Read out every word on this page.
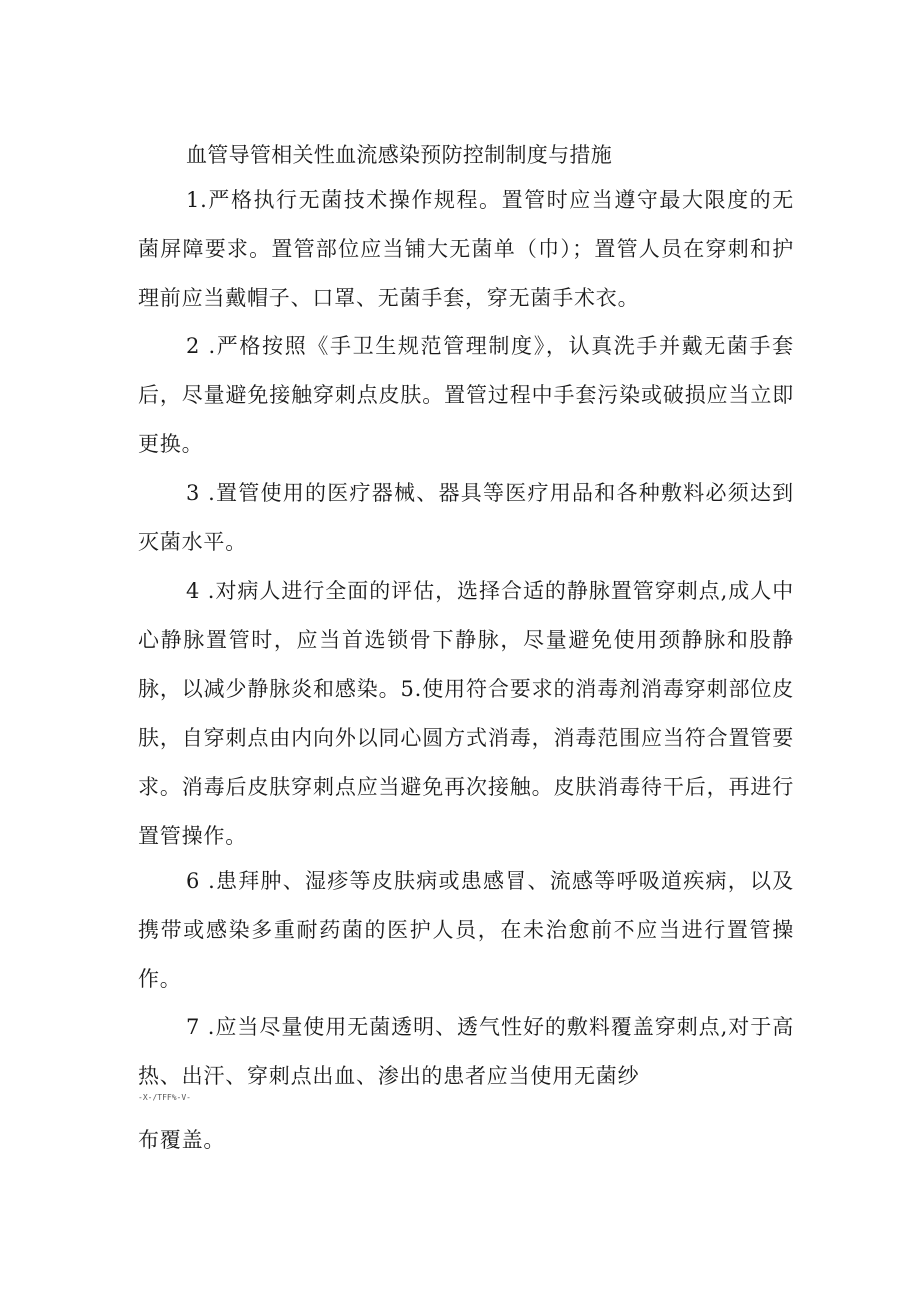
血管导管相关性血流感染预防控制制度与措施
1.严格执行无菌技术操作规程。置管时应当遵守最大限度的无菌屏障要求。置管部位应当铺大无菌单（巾）；置管人员在穿刺和护理前应当戴帽子、口罩、无菌手套，穿无菌手术衣。
2 .严格按照《手卫生规范管理制度》，认真洗手并戴无菌手套后，尽量避免接触穿刺点皮肤。置管过程中手套污染或破损应当立即更换。
3 .置管使用的医疗器械、器具等医疗用品和各种敷料必须达到灭菌水平。
4 .对病人进行全面的评估，选择合适的静脉置管穿刺点,成人中心静脉置管时，应当首选锁骨下静脉，尽量避免使用颈静脉和股静脉，以减少静脉炎和感染。5.使用符合要求的消毒剂消毒穿刺部位皮肤，自穿刺点由内向外以同心圆方式消毒，消毒范围应当符合置管要求。消毒后皮肤穿刺点应当避免再次接触。皮肤消毒待干后，再进行置管操作。
6 .患拜肿、湿疹等皮肤病或患感冒、流感等呼吸道疾病，以及携带或感染多重耐药菌的医护人员，在未治愈前不应当进行置管操作。
7 .应当尽量使用无菌透明、透气性好的敷料覆盖穿刺点,对于高热、出汗、穿刺点出血、渗出的患者应当使用无菌纱
-X-/TFF%-V-
布覆盖。
